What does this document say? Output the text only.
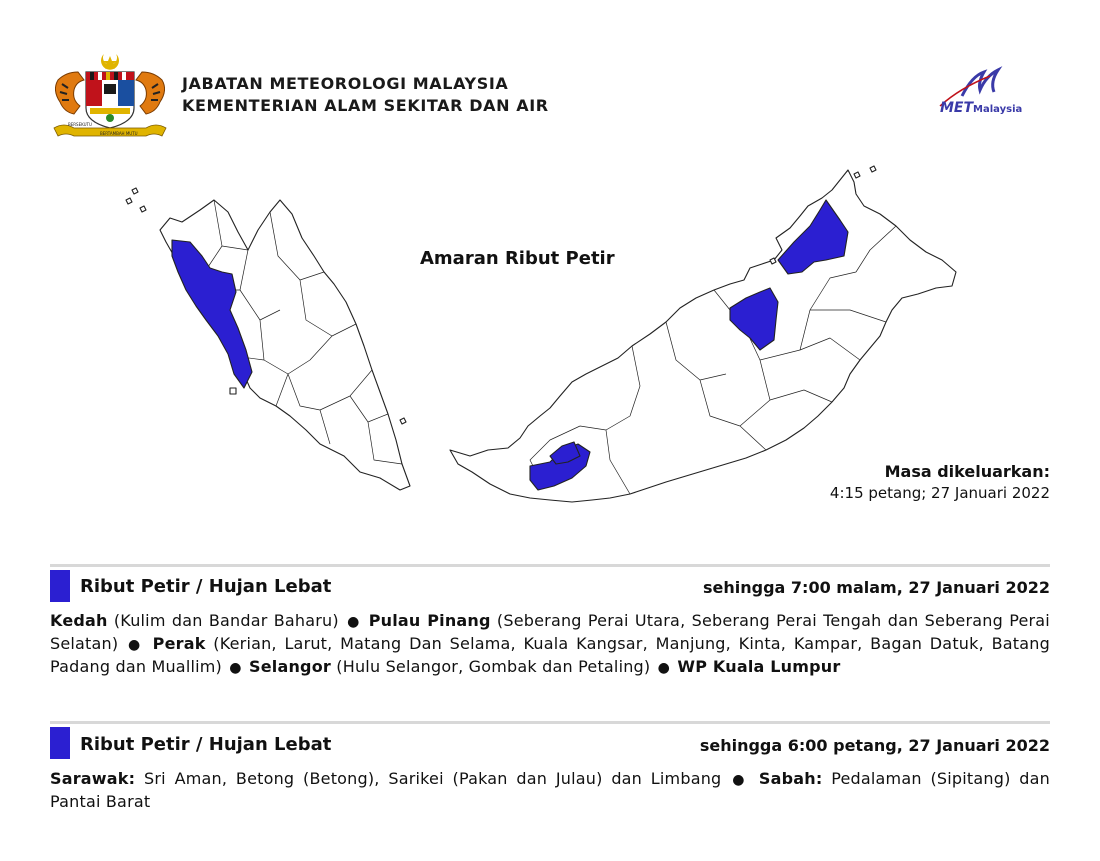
BERSEKUTU
BERTAMBAH MUTU
JABATAN METEOROLOGI MALAYSIA
KEMENTERIAN ALAM SEKITAR DAN AIR	METMalaysia
Amaran Ribut Petir
Masa dikeluarkan:
4:15 petang; 27 Januari 2022
Ribut Petir / Hujan Lebat	sehingga 7:00 malam, 27 Januari 2022
Kedah (Kulim dan Bandar Baharu) ● Pulau Pinang (Seberang Perai Utara, Seberang Perai Tengah dan Seberang Perai Selatan) ● Perak (Kerian, Larut, Matang Dan Selama, Kuala Kangsar, Manjung, Kinta, Kampar, Bagan Datuk, Batang Padang dan Muallim) ● Selangor (Hulu Selangor, Gombak dan Petaling) ● WP Kuala Lumpur
Ribut Petir / Hujan Lebat	sehingga 6:00 petang, 27 Januari 2022
Sarawak: Sri Aman, Betong (Betong), Sarikei (Pakan dan Julau) dan Limbang ● Sabah: Pedalaman (Sipitang) dan Pantai Barat
